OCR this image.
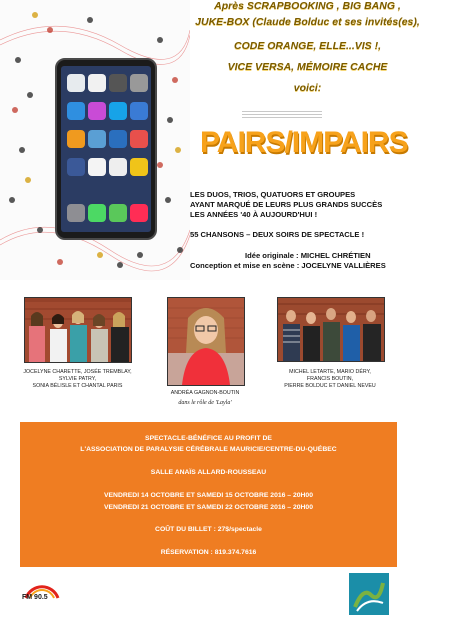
Après SCRAPBOOKING , BIG BANG ,
JUKE-BOX (Claude Bolduc et ses invités(es),
CODE ORANGE, ELLE...VIS !,
VICE VERSA, MÉMOIRE CACHE
voici:
PAIRS/IMPAIRS
LES DUOS, TRIOS, QUATUORS ET GROUPES
AYANT MARQUÉ DE LEURS PLUS GRANDS SUCCÈS
LES ANNÉES '40 À AUJOURD'HUI !
55 CHANSONS – DEUX SOIRS DE SPECTACLE !
Idée originale : MICHEL CHRÉTIEN
Conception et mise en scène : JOCELYNE VALLIÈRES
JOCELYNE CHARETTE, JOSÉE TREMBLAY,
SYLVIE PATRY,
SONIA BÉLISLE ET CHANTAL PARIS
ANDRÉA GAGNON-BOUTIN
dans le rôle de 'Layla'
MICHEL LETARTE, MARIO DÉRY,
FRANCIS BOUTIN,
PIERRE BOLDUC ET DANIEL NEVEU
SPECTACLE-BÉNÉFICE AU PROFIT DE
L'ASSOCIATION DE PARALYSIE CÉRÉBRALE MAURICIE/CENTRE-DU-QUÉBEC
SALLE ANAÏS ALLARD-ROUSSEAU
VENDREDI 14 OCTOBRE ET SAMEDI 15 OCTOBRE 2016 – 20H00
VENDREDI 21 OCTOBRE ET SAMEDI 22 OCTOBRE 2016 – 20H00
COÛT DU BILLET : 27$/spectacle
RÉSERVATION : 819.374.7616
FM 90.5
